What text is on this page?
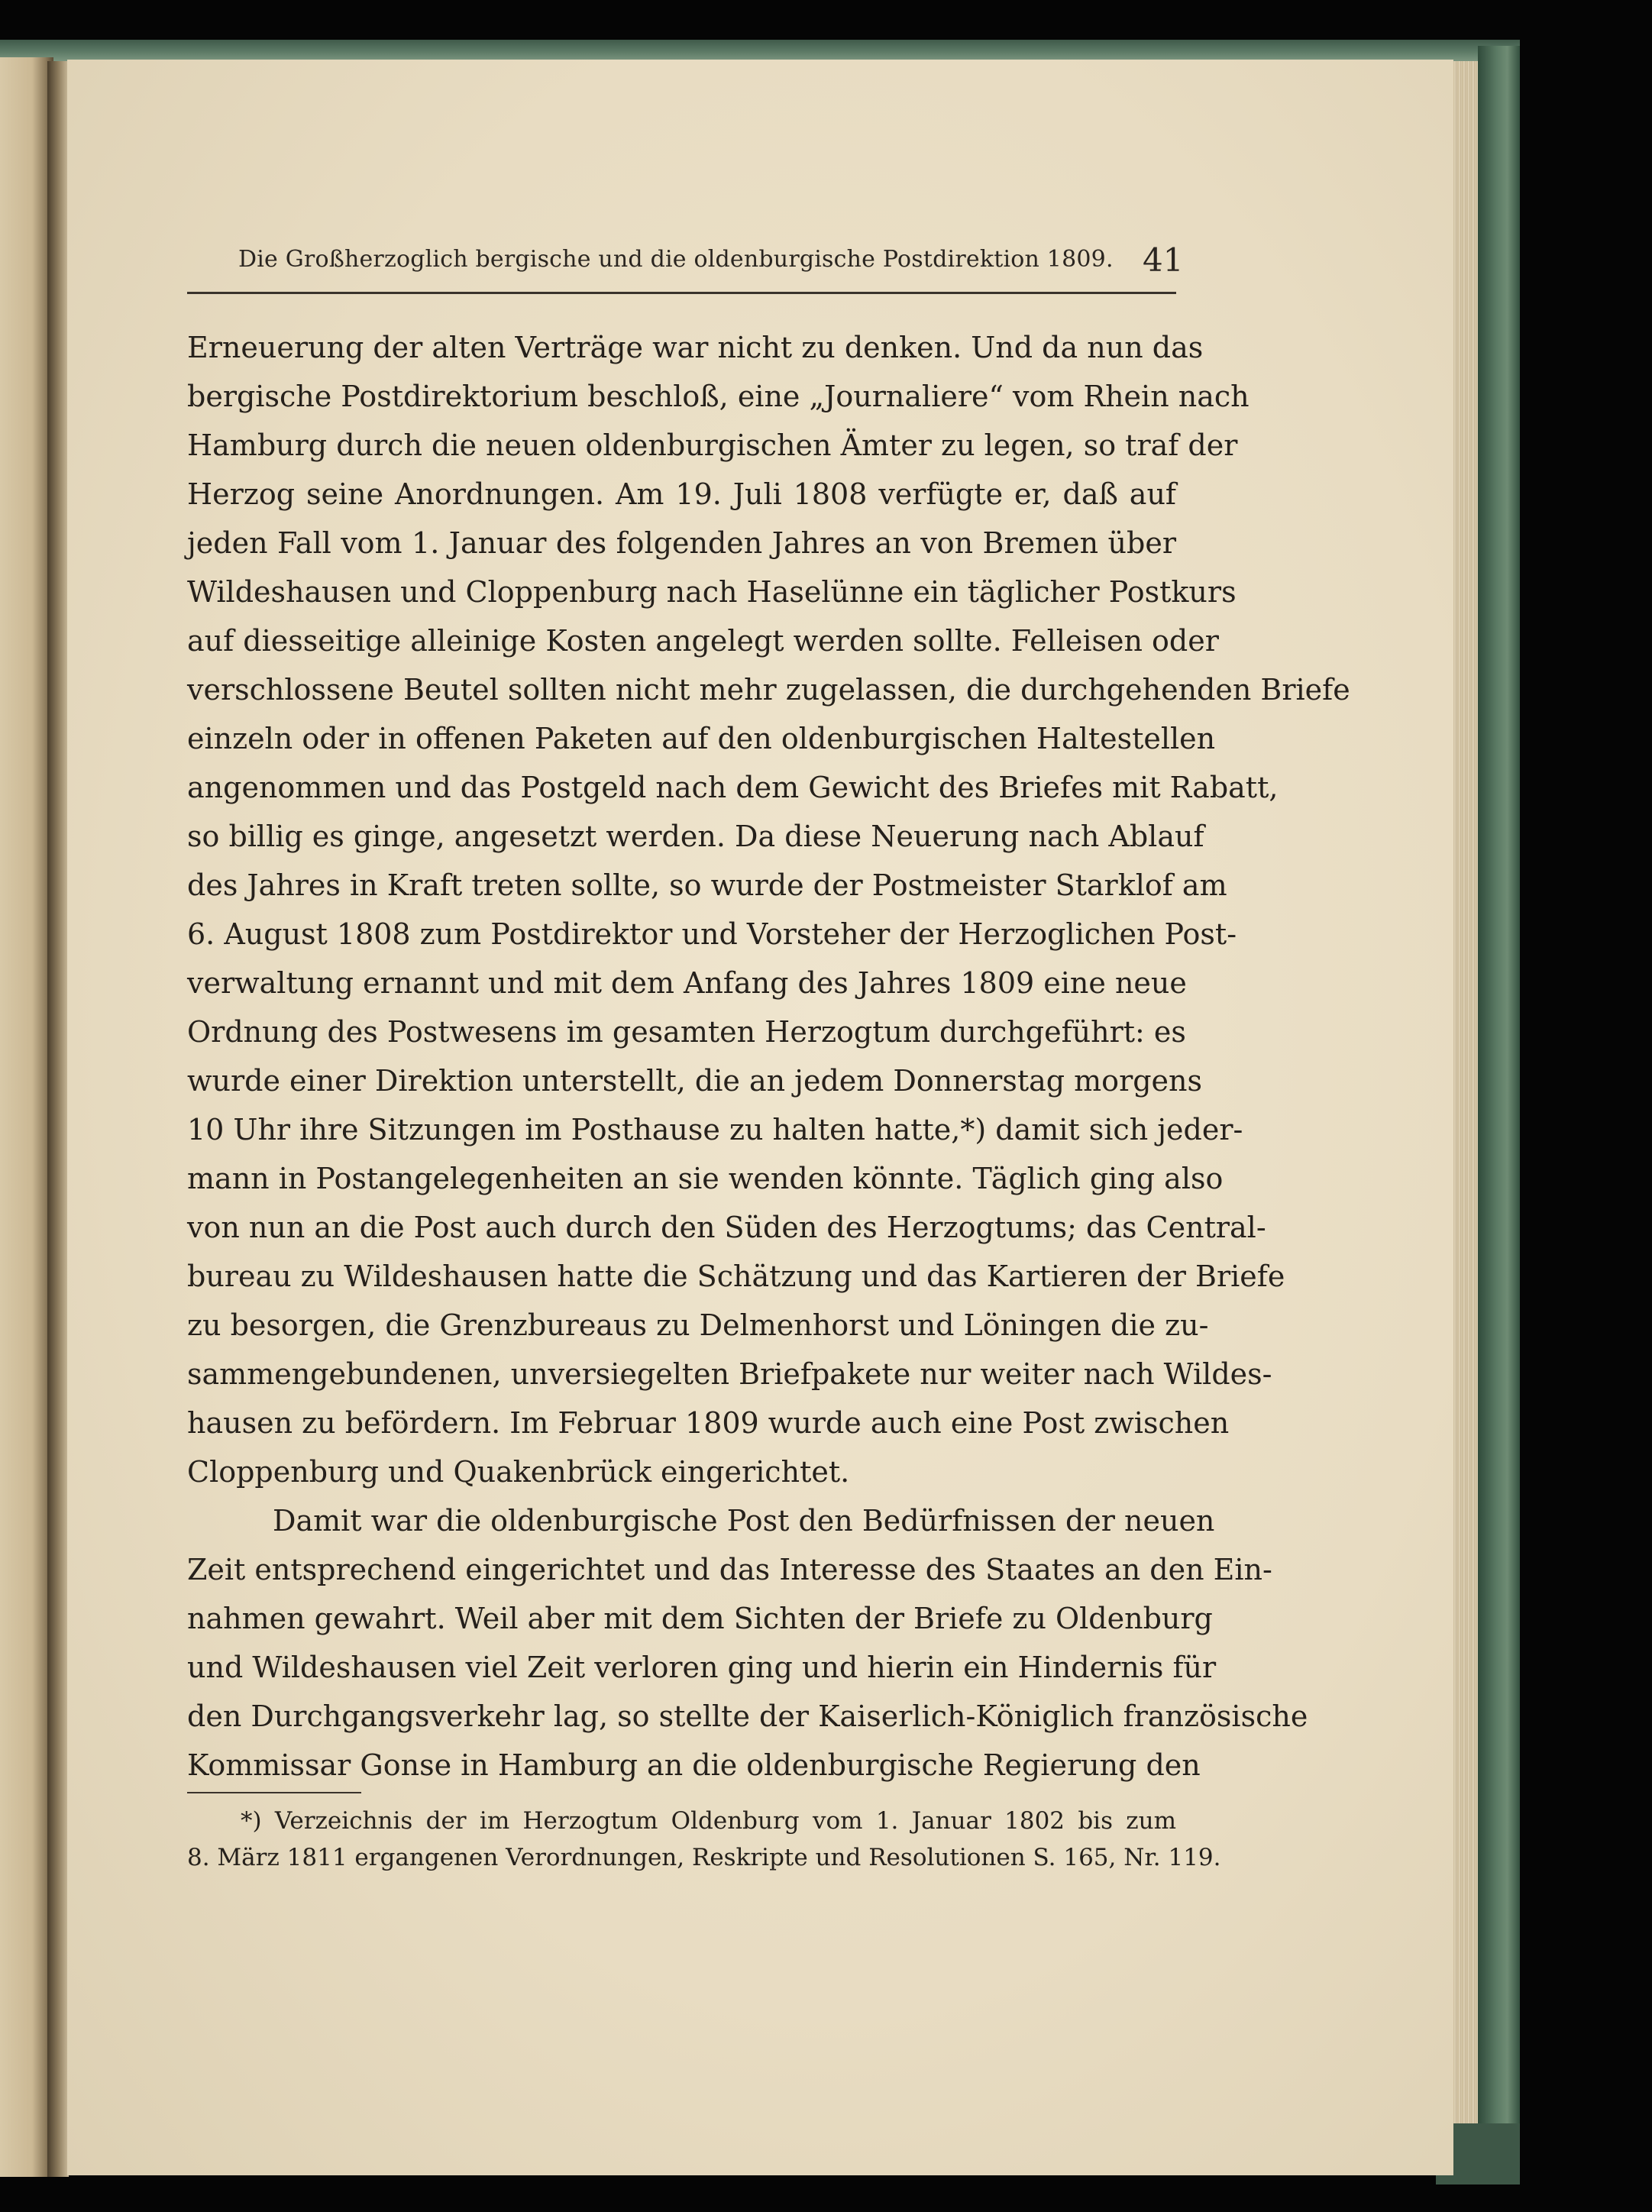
Die Großherzoglich bergische und die oldenburgische Postdirektion 1809. 41
Erneuerung der alten Verträge war nicht zu denken. Und da nun das
bergische Postdirektorium beschloß, eine „Journaliere“ vom Rhein nach
Hamburg durch die neuen oldenburgischen Ämter zu legen, so traf der
Herzog seine Anordnungen. Am 19. Juli 1808 verfügte er, daß auf
jeden Fall vom 1. Januar des folgenden Jahres an von Bremen über
Wildeshausen und Cloppenburg nach Haselünne ein täglicher Postkurs
auf diesseitige alleinige Kosten angelegt werden sollte. Felleisen oder
verschlossene Beutel sollten nicht mehr zugelassen, die durchgehenden Briefe
einzeln oder in offenen Paketen auf den oldenburgischen Haltestellen
angenommen und das Postgeld nach dem Gewicht des Briefes mit Rabatt,
so billig es ginge, angesetzt werden. Da diese Neuerung nach Ablauf
des Jahres in Kraft treten sollte, so wurde der Postmeister Starklof am
6. August 1808 zum Postdirektor und Vorsteher der Herzoglichen Post-
verwaltung ernannt und mit dem Anfang des Jahres 1809 eine neue
Ordnung des Postwesens im gesamten Herzogtum durchgeführt: es
wurde einer Direktion unterstellt, die an jedem Donnerstag morgens
10 Uhr ihre Sitzungen im Posthause zu halten hatte,*) damit sich jeder-
mann in Postangelegenheiten an sie wenden könnte. Täglich ging also
von nun an die Post auch durch den Süden des Herzogtums; das Central-
bureau zu Wildeshausen hatte die Schätzung und das Kartieren der Briefe
zu besorgen, die Grenzbureaus zu Delmenhorst und Löningen die zu-
sammengebundenen, unversiegelten Briefpakete nur weiter nach Wildes-
hausen zu befördern. Im Februar 1809 wurde auch eine Post zwischen
Cloppenburg und Quakenbrück eingerichtet.
Damit war die oldenburgische Post den Bedürfnissen der neuen
Zeit entsprechend eingerichtet und das Interesse des Staates an den Ein-
nahmen gewahrt. Weil aber mit dem Sichten der Briefe zu Oldenburg
und Wildeshausen viel Zeit verloren ging und hierin ein Hindernis für
den Durchgangsverkehr lag, so stellte der Kaiserlich-Königlich französische
Kommissar Gonse in Hamburg an die oldenburgische Regierung den
*) Verzeichnis der im Herzogtum Oldenburg vom 1. Januar 1802 bis zum
8. März 1811 ergangenen Verordnungen, Reskripte und Resolutionen S. 165, Nr. 119.
